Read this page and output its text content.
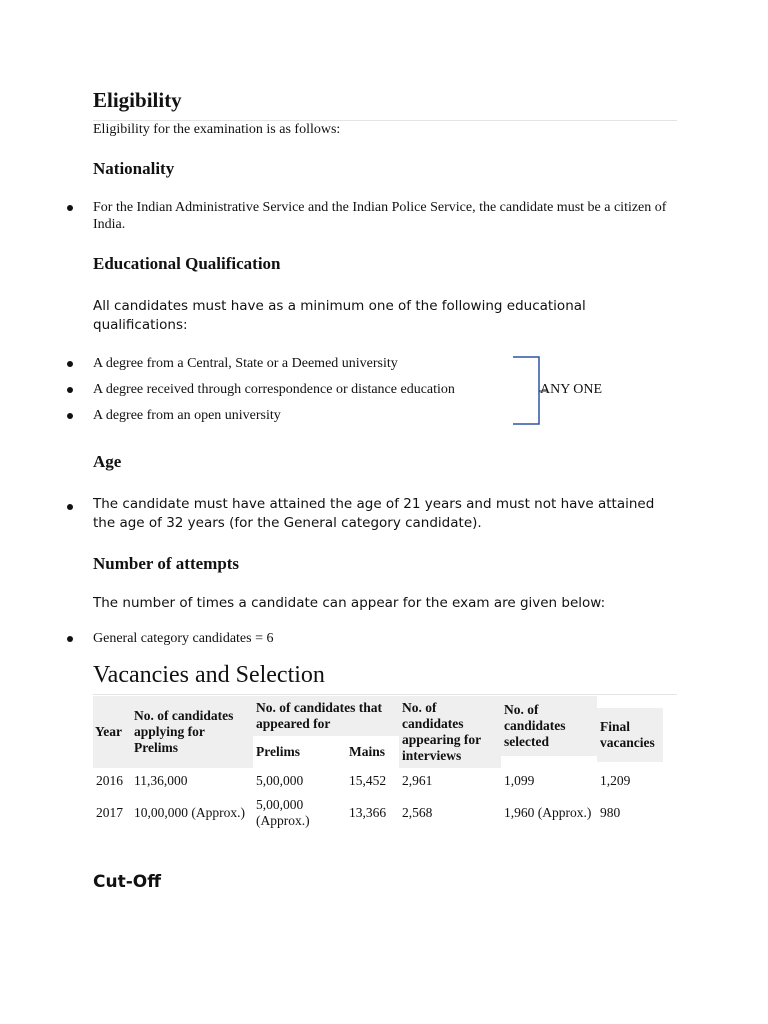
Eligibility
Eligibility for the examination is as follows:
Nationality
For the Indian Administrative Service and the Indian Police Service, the candidate must be a citizen of India.
Educational Qualification
All candidates must have as a minimum one of the following educational qualifications:
A degree from a Central, State or a Deemed university
A degree received through correspondence or distance education
A degree from an open university
ANY ONE
Age
The candidate must have attained the age of 21 years and must not have attained the age of 32 years (for the General category candidate).
Number of attempts
The number of times a candidate can appear for the exam are given below:
General category candidates = 6
Vacancies and Selection
Year	No. of candidates applying for Prelims	No. of candidates that appeared for		No. of candidates appearing for interviews	No. of candidates selected	Final vacancies

		Prelims	Mains			
2016	11,36,000	5,00,000	15,452	2,961	1,099	1,209
2017	10,00,000 (Approx.)	5,00,000 (Approx.)	13,366	2,568	1,960 (Approx.)	980
Cut-Off
